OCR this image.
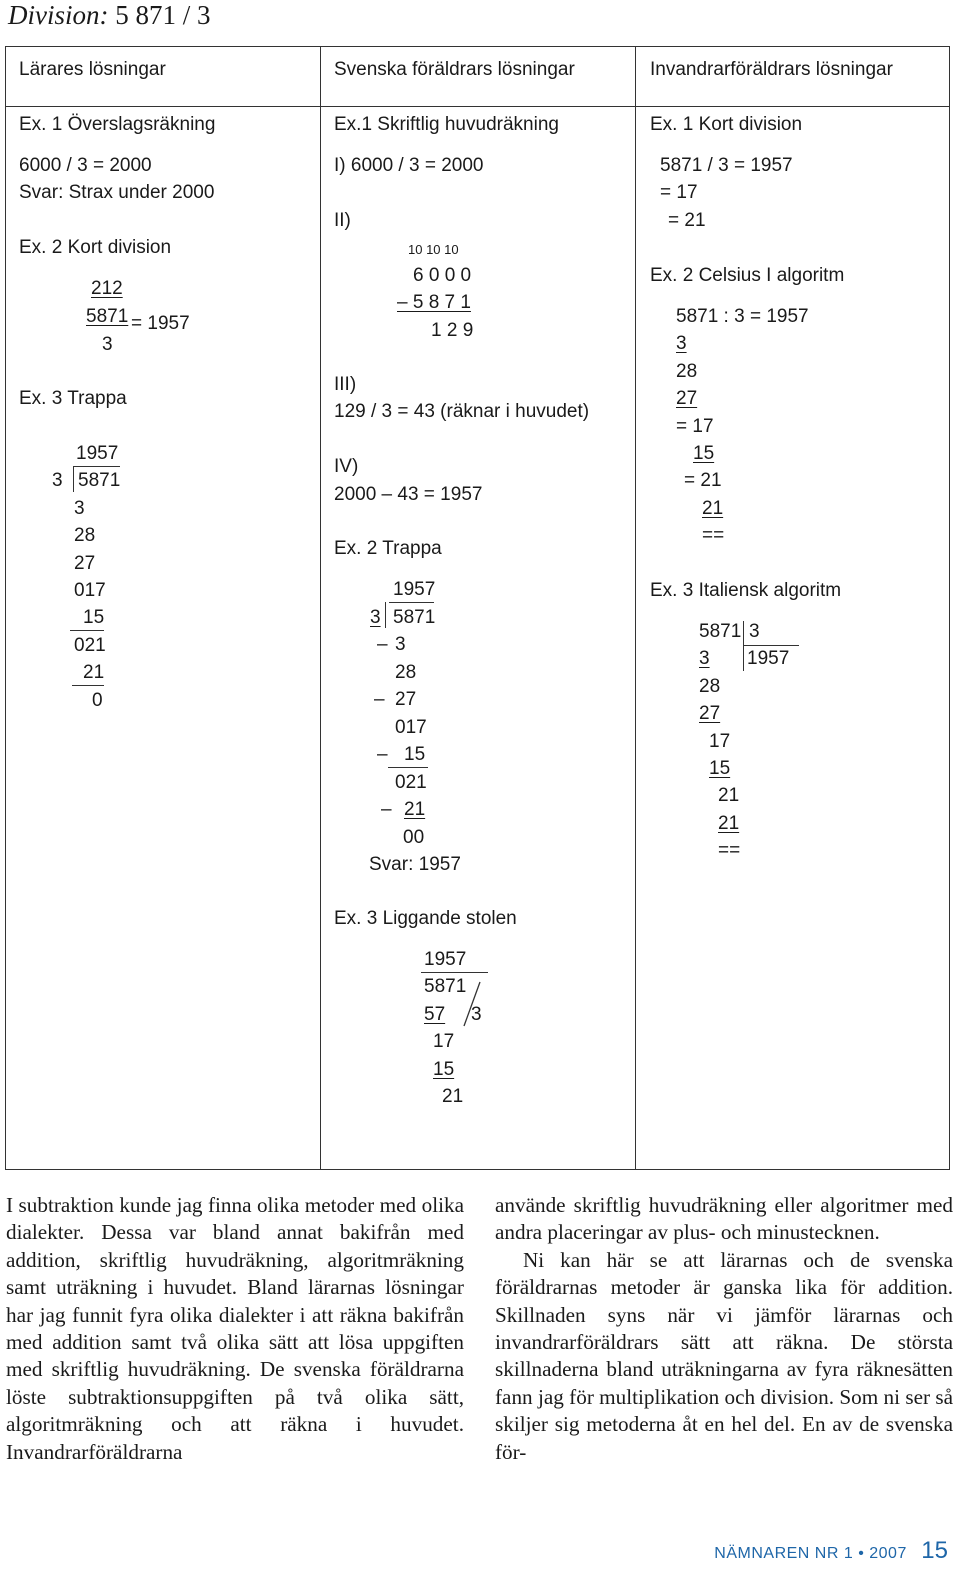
Division: 5 871 / 3
Lärares lösningar	Svenska föräldrars lösningar	Invandrarföräldrars lösningar
Ex. 1 Överslagsräkning
6000 / 3 = 2000
Svar: Strax under 2000
Ex. 2 Kort division
212
5871 = 1957
3
Ex. 3 Trappa
1957
3 5871
3
28
27
017
15
021
21
0
Ex.1 Skriftlig huvudräkning
I) 6000 / 3 = 2000
II)
10 10 10
6 0 0 0
– 5 8 7 1
1 2 9
III)
129 / 3 = 43 (räknar i huvudet)
IV)
2000 – 43 = 1957
Ex. 2 Trappa
1957
3 5871
– 3
28
– 27
017
– 15
021
– 21
00
Svar: 1957
Ex. 3 Liggande stolen
1957
5871
57 3
17
15
21
Ex. 1 Kort division
5871 / 3 = 1957
= 17
= 21
Ex. 2 Celsius I algoritm
5871 : 3 = 1957
3
28
27
= 17
15
= 21
21
==
Ex. 3 Italiensk algoritm
5871 3
3 1957
28
27
17
15
21
21
==

I subtraktion kunde jag finna olika metoder med olika dialekter. Dessa var bland annat bakifrån med addition, skriftlig huvudräkning, algoritmräkning samt uträkning i huvudet. Bland lärarnas lösningar har jag funnit fyra olika dialekter i att räkna bakifrån med addition samt två olika sätt att lösa uppgiften med skriftlig huvudräkning. De svenska föräldrarna löste subtraktionsuppgiften på två olika sätt, algoritmräkning och att räkna i huvudet. Invandrarföräldrarna

använde skriftlig huvudräkning eller algoritmer med andra placeringar av plus- och minustecknen.

Ni kan här se att lärarnas och de svenska föräldrarnas metoder är ganska lika för addition. Skillnaden syns när vi jämför lärarnas och invandrarföräldrars sätt att räkna. De största skillnaderna bland uträkningarna av fyra räknesätten fann jag för multiplikation och division. Som ni ser så skiljer sig metoderna åt en hel del. En av de svenska för-

NÄMNAREN NR 1 • 2007 15
